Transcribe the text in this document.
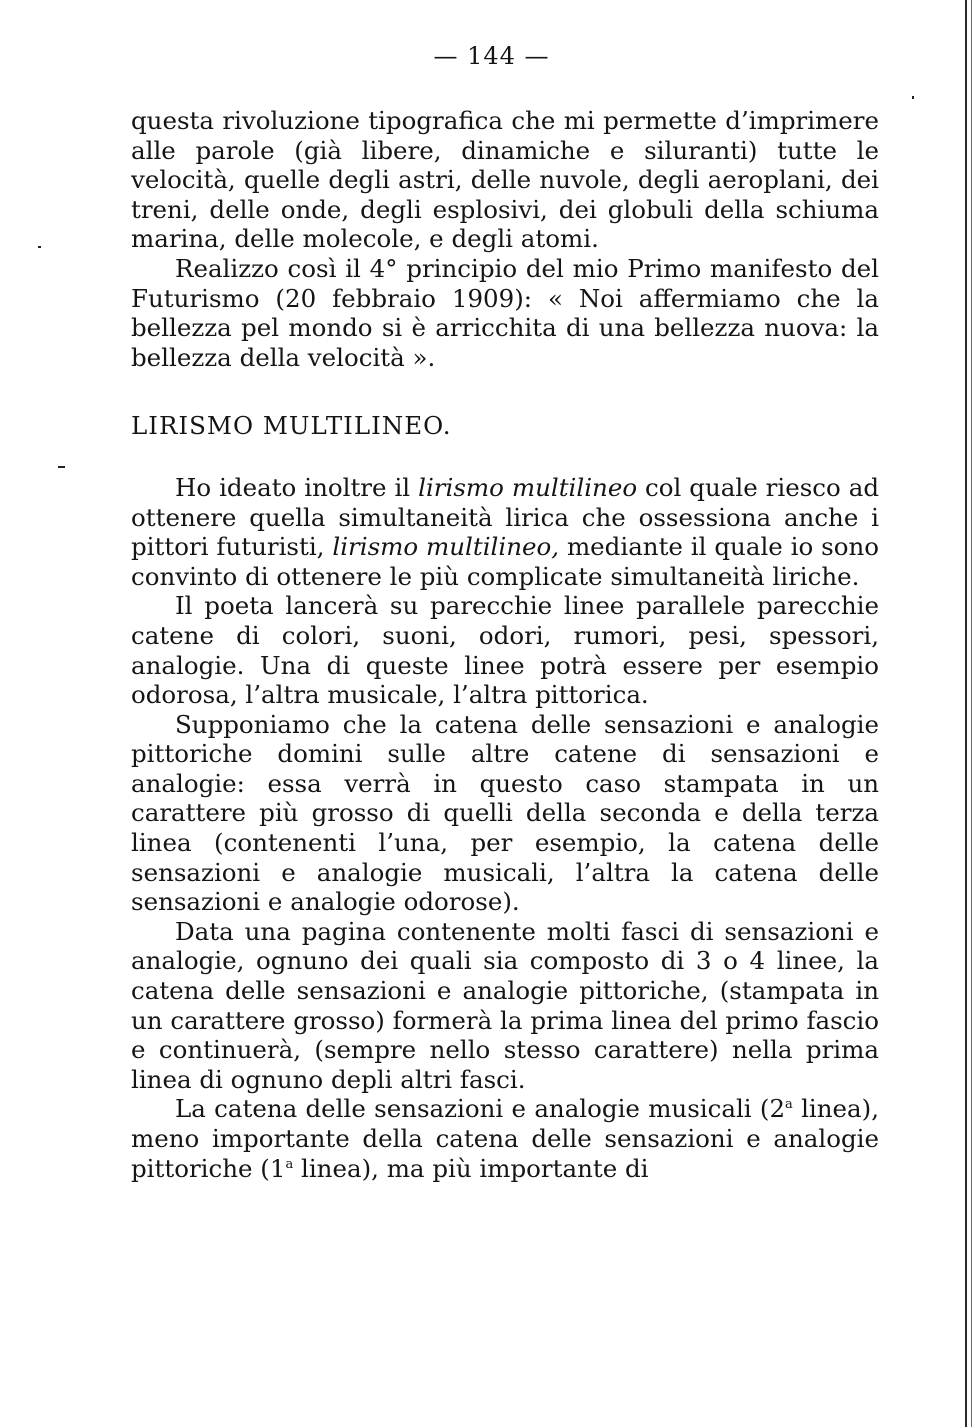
— 144 —

questa rivoluzione tipografica che mi permette d’imprimere alle parole (già libere, dinamiche e siluranti) tutte le velocità, quelle degli astri, delle nuvole, degli aeroplani, dei treni, delle onde, degli esplosivi, dei globuli della schiuma marina, delle molecole, e degli atomi.

Realizzo così il 4° principio del mio Primo manifesto del Futurismo (20 febbraio 1909): « Noi affermiamo che la bellezza pel mondo si è arricchita di una bellezza nuova: la bellezza della velocità ».

LIRISMO MULTILINEO.

Ho ideato inoltre il lirismo multilineo col quale riesco ad ottenere quella simultaneità lirica che ossessiona anche i pittori futuristi, lirismo multilineo, mediante il quale io sono convinto di ottenere le più complicate simultaneità liriche.

Il poeta lancerà su parecchie linee parallele parecchie catene di colori, suoni, odori, rumori, pesi, spessori, analogie. Una di queste linee potrà essere per esempio odorosa, l’altra musicale, l’altra pittorica.

Supponiamo che la catena delle sensazioni e analogie pittoriche domini sulle altre catene di sensazioni e analogie: essa verrà in questo caso stampata in un carattere più grosso di quelli della seconda e della terza linea (contenenti l’una, per esempio, la catena delle sensazioni e analogie musicali, l’altra la catena delle sensazioni e analogie odorose).

Data una pagina contenente molti fasci di sensazioni e analogie, ognuno dei quali sia composto di 3 o 4 linee, la catena delle sensazioni e analogie pittoriche, (stampata in un carattere grosso) formerà la prima linea del primo fascio e continuerà, (sempre nello stesso carattere) nella prima linea di ognuno depli altri fasci.

La catena delle sensazioni e analogie musicali (2$^a$ linea), meno importante della catena delle sensazioni e analogie pittoriche (1$^a$ linea), ma più importante di
